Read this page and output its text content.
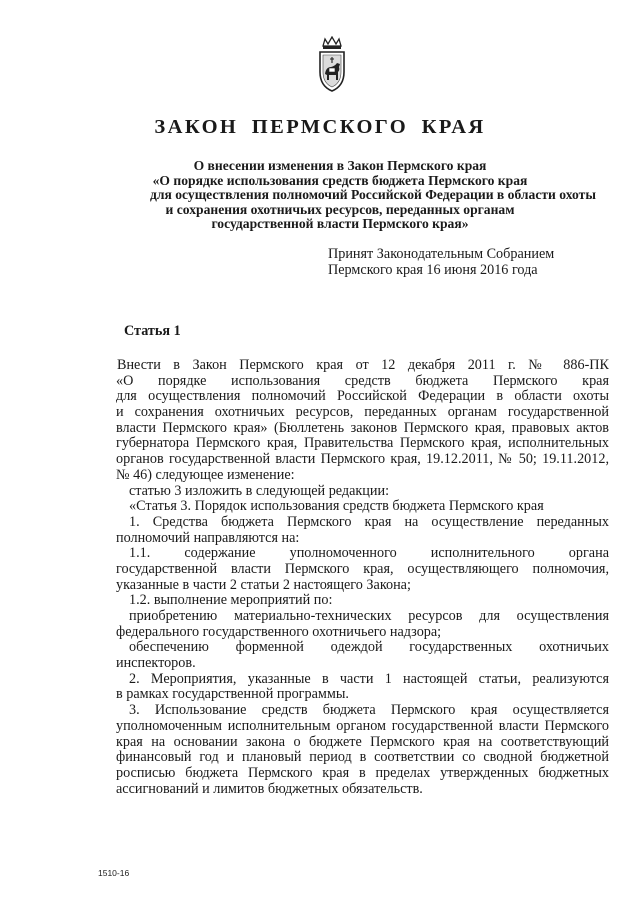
ЗАКОН ПЕРМСКОГО КРАЯ
О внесении изменения в Закон Пермского края
«О порядке использования средств бюджета Пермского края
для осуществления полномочий Российской Федерации в области охоты
и сохранения охотничьих ресурсов, переданных органам
государственной власти Пермского края»
Принят Законодательным Собранием
Пермского края 16 июня 2016 года
Статья 1
Внести в Закон Пермского края от 12 декабря 2011 г. № 886-ПК
«О порядке использования средств бюджета Пермского края
для осуществления полномочий Российской Федерации в области охоты
и сохранения охотничьих ресурсов, переданных органам государственной
власти Пермского края» (Бюллетень законов Пермского края, правовых актов
губернатора Пермского края, Правительства Пермского края, исполнительных
органов государственной власти Пермского края, 19.12.2011, № 50; 19.11.2012,
№ 46) следующее изменение:
статью 3 изложить в следующей редакции:
«Статья 3. Порядок использования средств бюджета Пермского края
1. Средства бюджета Пермского края на осуществление переданных
полномочий направляются на:
1.1. содержание уполномоченного исполнительного органа
государственной власти Пермского края, осуществляющего полномочия,
указанные в части 2 статьи 2 настоящего Закона;
1.2. выполнение мероприятий по:
приобретению материально-технических ресурсов для осуществления
федерального государственного охотничьего надзора;
обеспечению форменной одеждой государственных охотничьих
инспекторов.
2. Мероприятия, указанные в части 1 настоящей статьи, реализуются
в рамках государственной программы.
3. Использование средств бюджета Пермского края осуществляется
уполномоченным исполнительным органом государственной власти Пермского
края на основании закона о бюджете Пермского края на соответствующий
финансовый год и плановый период в соответствии со сводной бюджетной
росписью бюджета Пермского края в пределах утвержденных бюджетных
ассигнований и лимитов бюджетных обязательств.
1510-16
